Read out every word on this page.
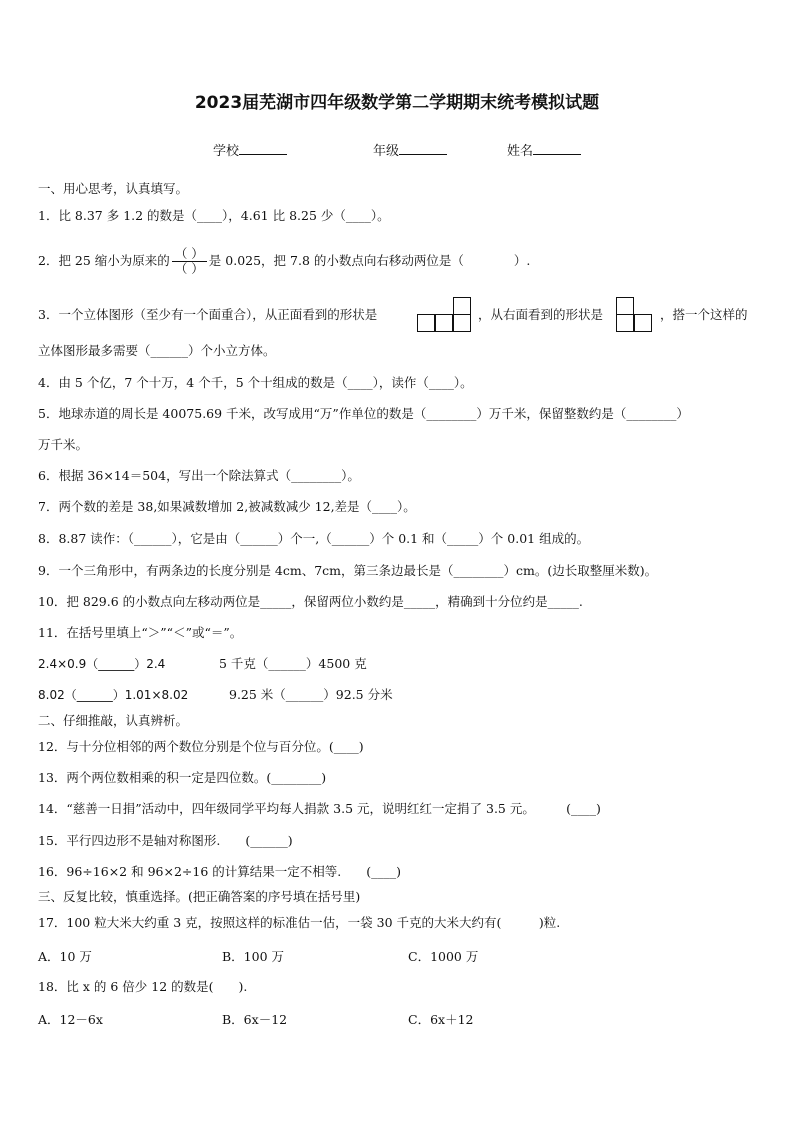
2023届芜湖市四年级数学第二学期期末统考模拟试题
学校	年级	姓名
一、用心思考，认真填写。
1．比 8.37 多 1.2 的数是（____），4.61 比 8.25 少（____）。
2．把 25 缩小为原来的 $\frac{( )}{( )}$ 是 0.025，把 7.8 的小数点向右移动两位是（　　　　）.
3．一个立体图形（至少有一个面重合），从正面看到的形状是	，从右面看到的形状是	，搭一个这样的
立体图形最多需要（______）个小立方体。
4．由 5 个亿，7 个十万，4 个千，5 个十组成的数是（____），读作（____）。
5．地球赤道的周长是 40075.69 千米，改写成用“万”作单位的数是（________）万千米，保留整数约是（________）
万千米。
6．根据 36×14＝504，写出一个除法算式（________）。
7．两个数的差是 38,如果减数增加 2,被减数减少 12,差是（____）。
8．8.87 读作：（______），它是由（______）个一,（______）个 0.1 和（_____）个 0.01 组成的。
9．一个三角形中，有两条边的长度分别是 4cm、7cm，第三条边最长是（________）cm。(边长取整厘米数)。
10．把 829.6 的小数点向左移动两位是_____，保留两位小数约是_____，精确到十分位约是_____.
11．在括号里填上“＞”“＜”或“＝”。
2.4×0.9（______）2.4	5 千克（______）4500 克
8.02（______）1.01×8.02	9.25 米（______）92.5 分米
二、仔细推敲，认真辨析。
12．与十分位相邻的两个数位分别是个位与百分位。(____)
13．两个两位数相乘的积一定是四位数。(________)
14．“慈善一日捐”活动中，四年级同学平均每人捐款 3.5 元，说明红红一定捐了 3.5 元。　　　(____)
15．平行四边形不是轴对称图形.　　(______)
16．96÷16×2 和 96×2÷16 的计算结果一定不相等.　　(____)
三、反复比较，慎重选择。(把正确答案的序号填在括号里)
17．100 粒大米大约重 3 克，按照这样的标准估一估，一袋 30 千克的大米大约有(　　　)粒.
A．10 万	B．100 万	C．1000 万
18．比 x 的 6 倍少 12 的数是(　　).
A．12－6x	B．6x－12	C．6x＋12
